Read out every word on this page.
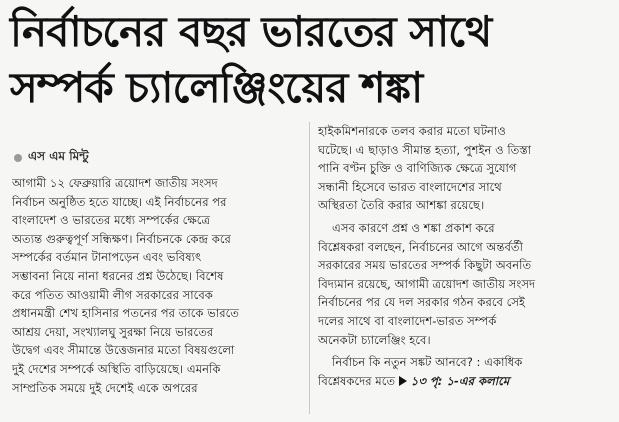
নির্বাচনের বছর ভারতের সাথে
সম্পর্ক চ্যালেঞ্জিংয়ের শঙ্কা
এস এম মিন্টু
আগামী ১২ ফেব্রুয়ারি ত্রয়োদশ জাতীয় সংসদ
নির্বাচন অনুষ্ঠিত হতে যাচ্ছে। এই নির্বাচনের পর
বাংলাদেশ ও ভারতের মধ্যে সম্পর্কের ক্ষেত্রে
অত্যন্ত গুরুত্বপূর্ণ সন্ধিক্ষণ। নির্বাচনকে কেন্দ্র করে
সম্পর্কের বর্তমান টানাপড়েন এবং ভবিষ্যৎ
সম্ভাবনা নিয়ে নানা ধরনের প্রশ্ন উঠেছে। বিশেষ
করে পতিত আওয়ামী লীগ সরকারের সাবেক
প্রধানমন্ত্রী শেখ হাসিনার পতনের পর তাকে ভারতে
আশ্রয় দেয়া, সংখ্যালঘু সুরক্ষা নিয়ে ভারতের
উদ্বেগ এবং সীমান্তে উত্তেজনার মতো বিষয়গুলো
দুই দেশের সম্পর্কে অস্থিতি বাড়িয়েছে। এমনকি
সাম্প্রতিক সময়ে দুই দেশেই একে অপরের
হাইকমিশনারকে তলব করার মতো ঘটনাও
ঘটেছে। এ ছাড়াও সীমান্ত হত্যা, পুশইন ও তিস্তা
পানি বণ্টন চুক্তি ও বাণিজ্যিক ক্ষেত্রে সুযোগ
সন্ধানী হিসেবে ভারত বাংলাদেশের সাথে
অস্থিরতা তৈরি করার আশঙ্কা রয়েছে।
এসব কারণে প্রশ্ন ও শঙ্কা প্রকাশ করে
বিশ্লেষকরা বলছেন, নির্বাচনের আগে অন্তর্বর্তী
সরকারের সময় ভারতের সম্পর্ক কিছুটা অবনতি
বিদ্যমান রয়েছে, আগামী ত্রয়োদশ জাতীয় সংসদ
নির্বাচনের পর যে দল সরকার গঠন করবে সেই
দলের সাথে বা বাংলাদেশ-ভারত সম্পর্ক
অনেকটা চ্যালেঞ্জিং হবে।
নির্বাচন কি নতুন সঙ্কট আনবে? : একাধিক
বিশ্লেষকদের মতে ১৩ পৃ: ১-এর কলামে
